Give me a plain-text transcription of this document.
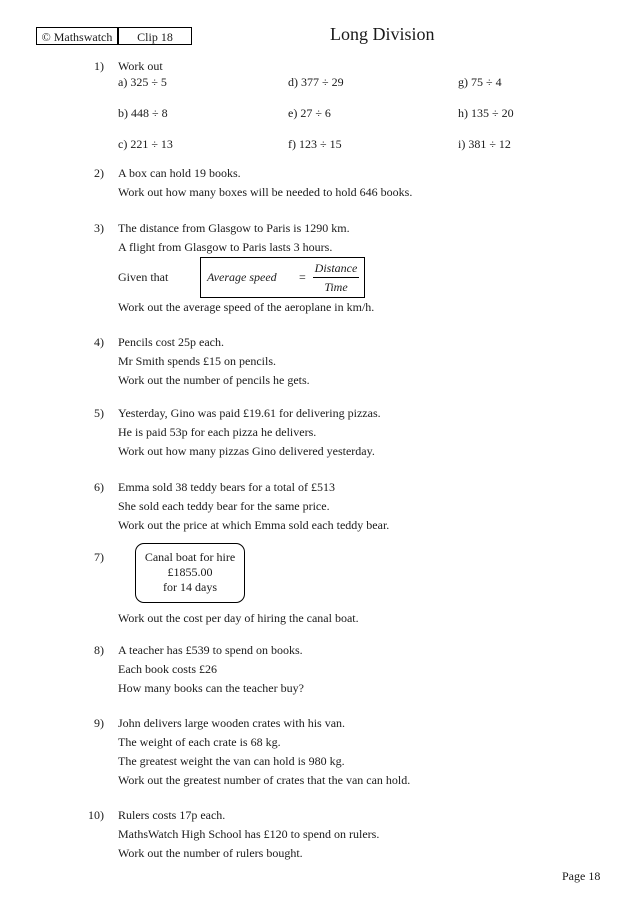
© Mathswatch	Clip 18	Long Division
1) Work out
a) 325 ÷ 5	d) 377 ÷ 29	g) 75 ÷ 4
b) 448 ÷ 8	e) 27 ÷ 6	h) 135 ÷ 20
c) 221 ÷ 13	f) 123 ÷ 15	i) 381 ÷ 12
2) A box can hold 19 books.
Work out how many boxes will be needed to hold 646 books.
3) The distance from Glasgow to Paris is 1290 km.
A flight from Glasgow to Paris lasts 3 hours.
Given that	Average speed =
Distance
Time
Work out the average speed of the aeroplane in km/h.
4) Pencils cost 25p each.
Mr Smith spends £15 on pencils.
Work out the number of pencils he gets.
5) Yesterday, Gino was paid £19.61 for delivering pizzas.
He is paid 53p for each pizza he delivers.
Work out how many pizzas Gino delivered yesterday.
6) Emma sold 38 teddy bears for a total of £513
She sold each teddy bear for the same price.
Work out the price at which Emma sold each teddy bear.
7)	Canal boat for hire
£1855.00
for 14 days
Work out the cost per day of hiring the canal boat.
8) A teacher has £539 to spend on books.
Each book costs £26
How many books can the teacher buy?
9) John delivers large wooden crates with his van.
The weight of each crate is 68 kg.
The greatest weight the van can hold is 980 kg.
Work out the greatest number of crates that the van can hold.
10) Rulers costs 17p each.
MathsWatch High School has £120 to spend on rulers.
Work out the number of rulers bought.
Page 18
